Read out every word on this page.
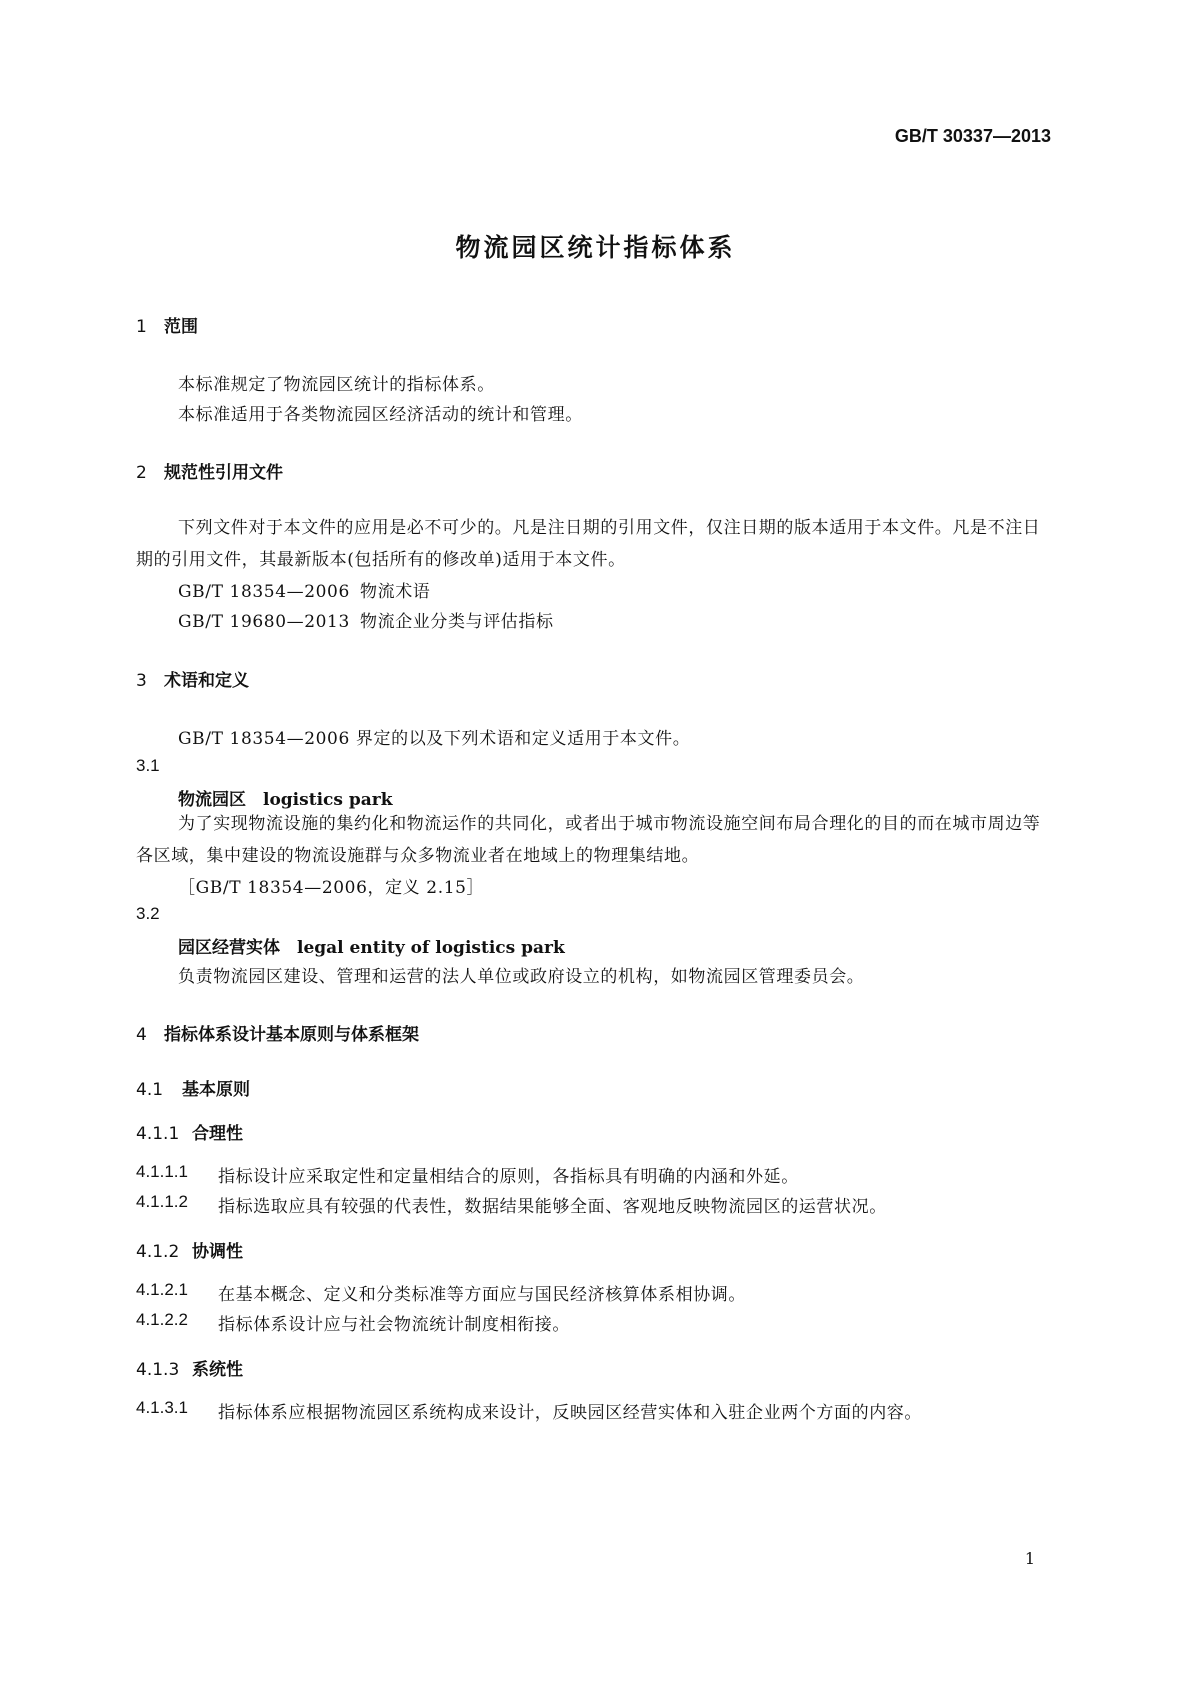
GB/T 30337—2013
物流园区统计指标体系
1 范围
本标准规定了物流园区统计的指标体系。
本标准适用于各类物流园区经济活动的统计和管理。
2 规范性引用文件
下列文件对于本文件的应用是必不可少的。凡是注日期的引用文件，仅注日期的版本适用于本文件。凡是不注日期的引用文件，其最新版本(包括所有的修改单)适用于本文件。
GB/T 18354—2006 物流术语
GB/T 19680—2013 物流企业分类与评估指标
3 术语和定义
GB/T 18354—2006 界定的以及下列术语和定义适用于本文件。
3.1
物流园区　logistics park
为了实现物流设施的集约化和物流运作的共同化，或者出于城市物流设施空间布局合理化的目的而在城市周边等各区域，集中建设的物流设施群与众多物流业者在地域上的物理集结地。
［GB/T 18354—2006，定义 2.15］
3.2
园区经营实体　legal entity of logistics park
负责物流园区建设、管理和运营的法人单位或政府设立的机构，如物流园区管理委员会。
4 指标体系设计基本原则与体系框架
4.1 基本原则
4.1.1 合理性
4.1.1.1 指标设计应采取定性和定量相结合的原则，各指标具有明确的内涵和外延。
4.1.1.2 指标选取应具有较强的代表性，数据结果能够全面、客观地反映物流园区的运营状况。
4.1.2 协调性
4.1.2.1 在基本概念、定义和分类标准等方面应与国民经济核算体系相协调。
4.1.2.2 指标体系设计应与社会物流统计制度相衔接。
4.1.3 系统性
4.1.3.1 指标体系应根据物流园区系统构成来设计，反映园区经营实体和入驻企业两个方面的内容。
1
